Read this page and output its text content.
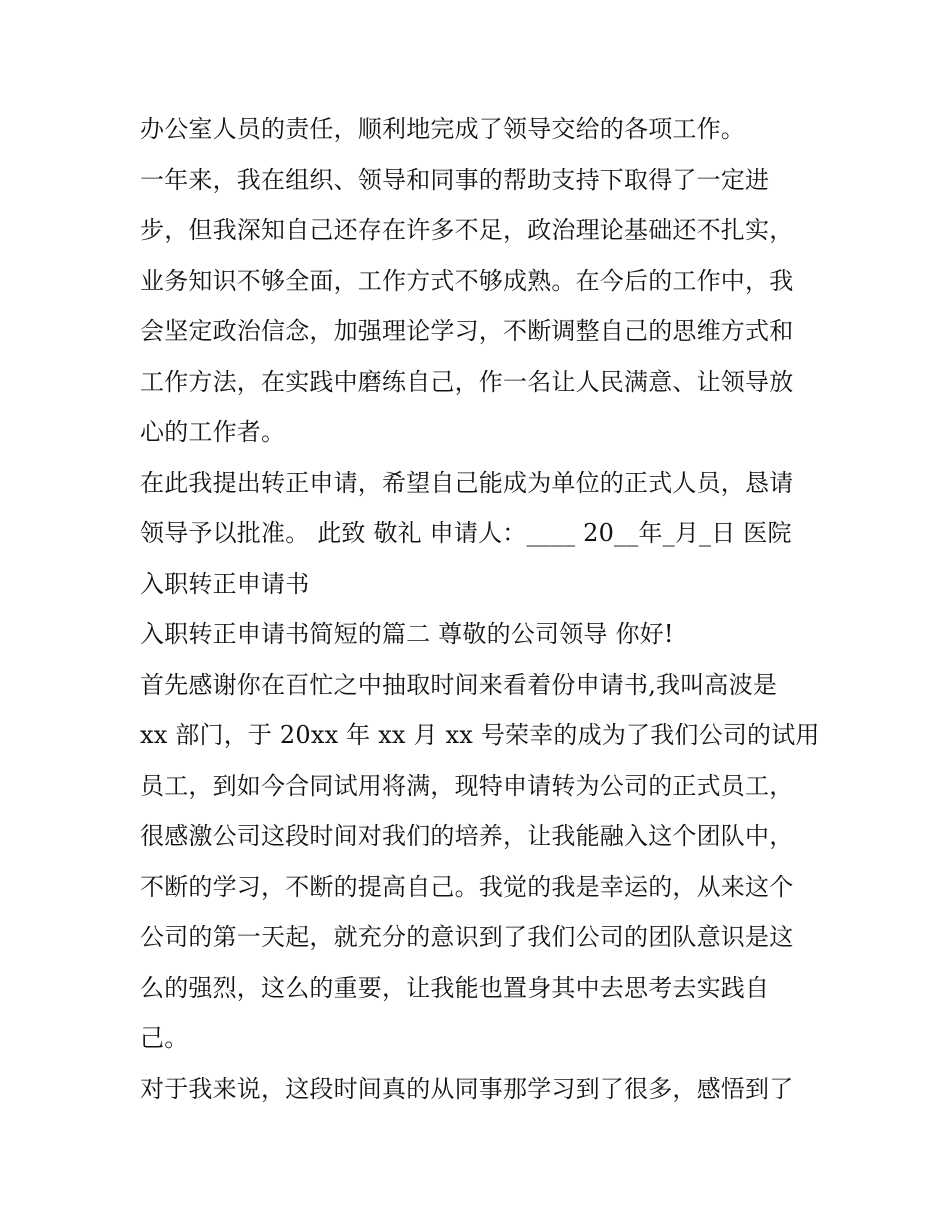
办公室人员的责任，顺利地完成了领导交给的各项工作。
一年来，我在组织、领导和同事的帮助支持下取得了一定进
步，但我深知自己还存在许多不足，政治理论基础还不扎实，
业务知识不够全面，工作方式不够成熟。在今后的工作中，我
会坚定政治信念，加强理论学习，不断调整自己的思维方式和
工作方法，在实践中磨练自己，作一名让人民满意、让领导放
心的工作者。
在此我提出转正申请，希望自己能成为单位的正式人员，恳请
领导予以批准。 此致 敬礼 申请人：____ 20__年_月_日 医院
入职转正申请书
入职转正申请书简短的篇二 尊敬的公司领导 你好!
首先感谢你在百忙之中抽取时间来看着份申请书,我叫高波是
xx 部门，于 20xx 年 xx 月 xx 号荣幸的成为了我们公司的试用
员工，到如今合同试用将满，现特申请转为公司的正式员工，
很感激公司这段时间对我们的培养，让我能融入这个团队中，
不断的学习，不断的提高自己。我觉的我是幸运的，从来这个
公司的第一天起，就充分的意识到了我们公司的团队意识是这
么的强烈，这么的重要，让我能也置身其中去思考去实践自
己。
对于我来说，这段时间真的从同事那学习到了很多，感悟到了
